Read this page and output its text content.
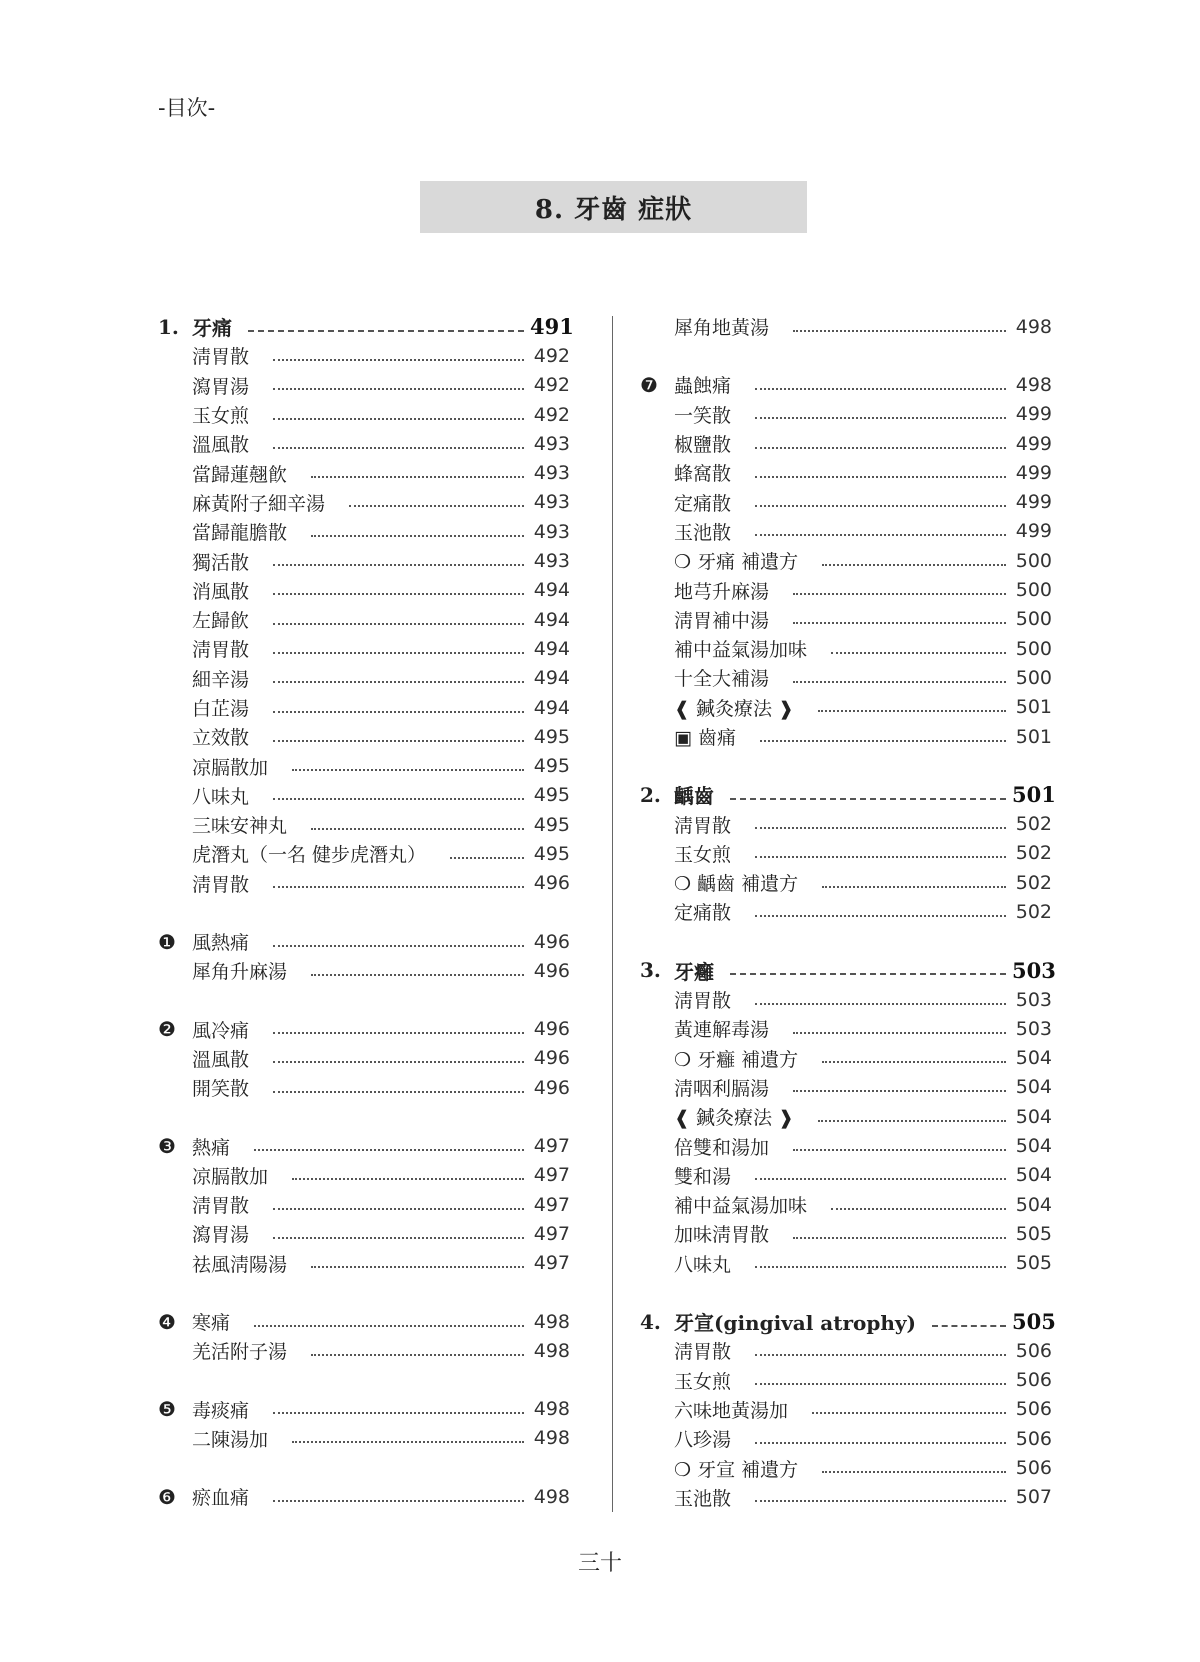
-目次-
8. 牙齒 症狀
1. 牙痛	491
淸胃散	492
瀉胃湯	492
玉女煎	492
溫風散	493
當歸蓮翹飮	493
麻黃附子細辛湯	493
當歸龍膽散	493
獨活散	493
消風散	494
左歸飮	494
淸胃散	494
細辛湯	494
白芷湯	494
立效散	495
凉膈散加	495
八味丸	495
三味安神丸	495
虎潛丸（一名 健步虎潛丸）	495
淸胃散	496
❶ 風熱痛	496
犀角升麻湯	496
❷ 風冷痛	496
溫風散	496
開笑散	496
❸ 熱痛	497
凉膈散加	497
淸胃散	497
瀉胃湯	497
祛風淸陽湯	497
❹ 寒痛	498
羌活附子湯	498
❺ 毒痰痛	498
二陳湯加	498
❻ 瘀血痛	498
犀角地黃湯	498
❼ 蟲蝕痛	498
一笑散	499
椒鹽散	499
蜂窩散	499
定痛散	499
玉池散	499
❍ 牙痛 補遺方	500
地芎升麻湯	500
淸胃補中湯	500
補中益氣湯加味	500
十全大補湯	500
❰ 鍼灸療法 ❱	501
▣ 齒痛	501
2. 齲齒	501
淸胃散	502
玉女煎	502
❍ 齲齒 補遺方	502
定痛散	502
3. 牙癰	503
淸胃散	503
黃連解毒湯	503
❍ 牙癰 補遺方	504
淸咽利膈湯	504
❰ 鍼灸療法 ❱	504
倍雙和湯加	504
雙和湯	504
補中益氣湯加味	504
加味淸胃散	505
八味丸	505
4. 牙宣(gingival atrophy)	505
淸胃散	506
玉女煎	506
六味地黃湯加	506
八珍湯	506
❍ 牙宣 補遺方	506
玉池散	507
三十
